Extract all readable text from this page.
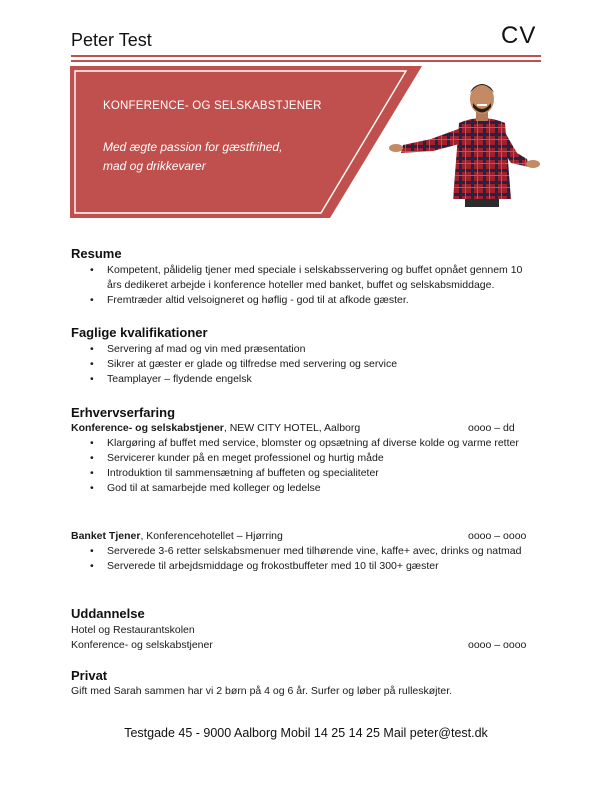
Peter Test	CV
KONFERENCE- OG SELSKABSTJENER
Med ægte passion for gæstfrihed,
mad og drikkevarer
Resume
• Kompetent, pålidelig tjener med speciale i selskabsservering og buffet opnået gennem 10 års dedikeret arbejde i konference hoteller med banket, buffet og selskabsmiddage.
• Fremtræder altid velsoigneret og høflig - god til at afkode gæster.
Faglige kvalifikationer
• Servering af mad og vin med præsentation
• Sikrer at gæster er glade og tilfredse med servering og service
• Teamplayer – flydende engelsk
Erhvervserfaring
Konference- og selskabstjener, NEW CITY HOTEL, Aalborg	oooo – dd
• Klargøring af buffet med service, blomster og opsætning af diverse kolde og varme retter
• Servicerer kunder på en meget professionel og hurtig måde
• Introduktion til sammensætning af buffeten og specialiteter
• God til at samarbejde med kolleger og ledelse
Banket Tjener, Konferencehotellet – Hjørring	oooo – oooo
• Serverede 3-6 retter selskabsmenuer med tilhørende vine, kaffe+ avec, drinks og natmad
• Serverede til arbejdsmiddage og frokostbuffeter med 10 til 300+ gæster
Uddannelse
Hotel og Restaurantskolen
Konference- og selskabstjener	oooo – oooo
Privat
Gift med Sarah sammen har vi 2 børn på 4 og 6 år. Surfer og løber på rulleskøjter.
Testgade 45 - 9000 Aalborg Mobil 14 25 14 25 Mail peter@test.dk
